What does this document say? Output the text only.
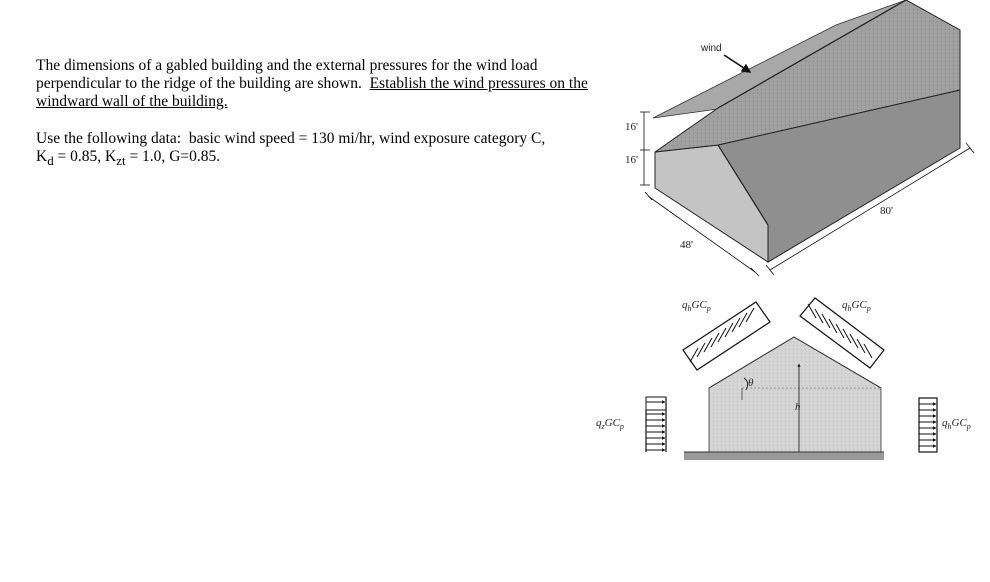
The dimensions of a gabled building and the external pressures for the wind load perpendicular to the ridge of the building are shown. Establish the wind pressures on the windward wall of the building.

Use the following data: basic wind speed = 130 mi/hr, wind exposure category C,
$K_d = 0.85$, $K_{zt} = 1.0$, G=0.85.

wind
16'
16'
48'
80'
θ
h
$q_hGC_p$	$q_hGC_p$
$q_zGC_p$	$q_hGC_p$
